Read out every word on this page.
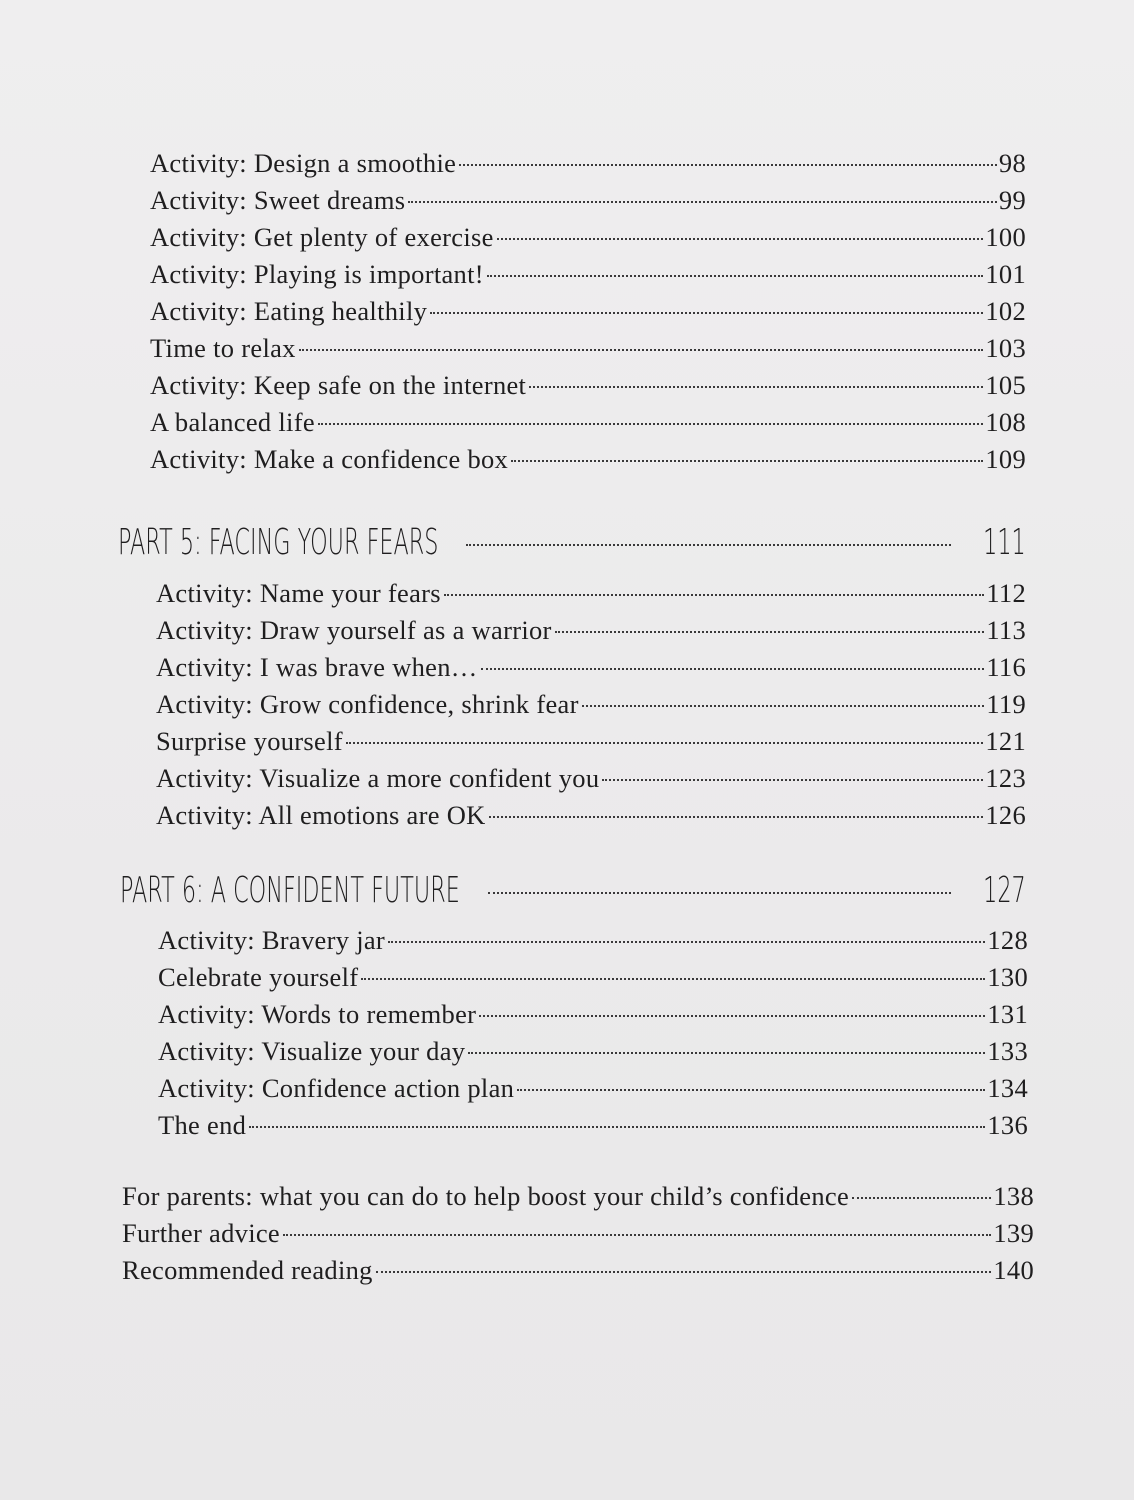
Activity: Design a smoothie	98
Activity: Sweet dreams	99
Activity: Get plenty of exercise	100
Activity: Playing is important!	101
Activity: Eating healthily	102
Time to relax	103
Activity: Keep safe on the internet	105
A balanced life	108
Activity: Make a confidence box	109
PART 5: FACING YOUR FEARS	111
Activity: Name your fears	112
Activity: Draw yourself as a warrior	113
Activity: I was brave when…	116
Activity: Grow confidence, shrink fear	119
Surprise yourself	121
Activity: Visualize a more confident you	123
Activity: All emotions are OK	126
PART 6: A CONFIDENT FUTURE	127
Activity: Bravery jar	128
Celebrate yourself	130
Activity: Words to remember	131
Activity: Visualize your day	133
Activity: Confidence action plan	134
The end	136
For parents: what you can do to help boost your child’s confidence	138
Further advice	139
Recommended reading	140
